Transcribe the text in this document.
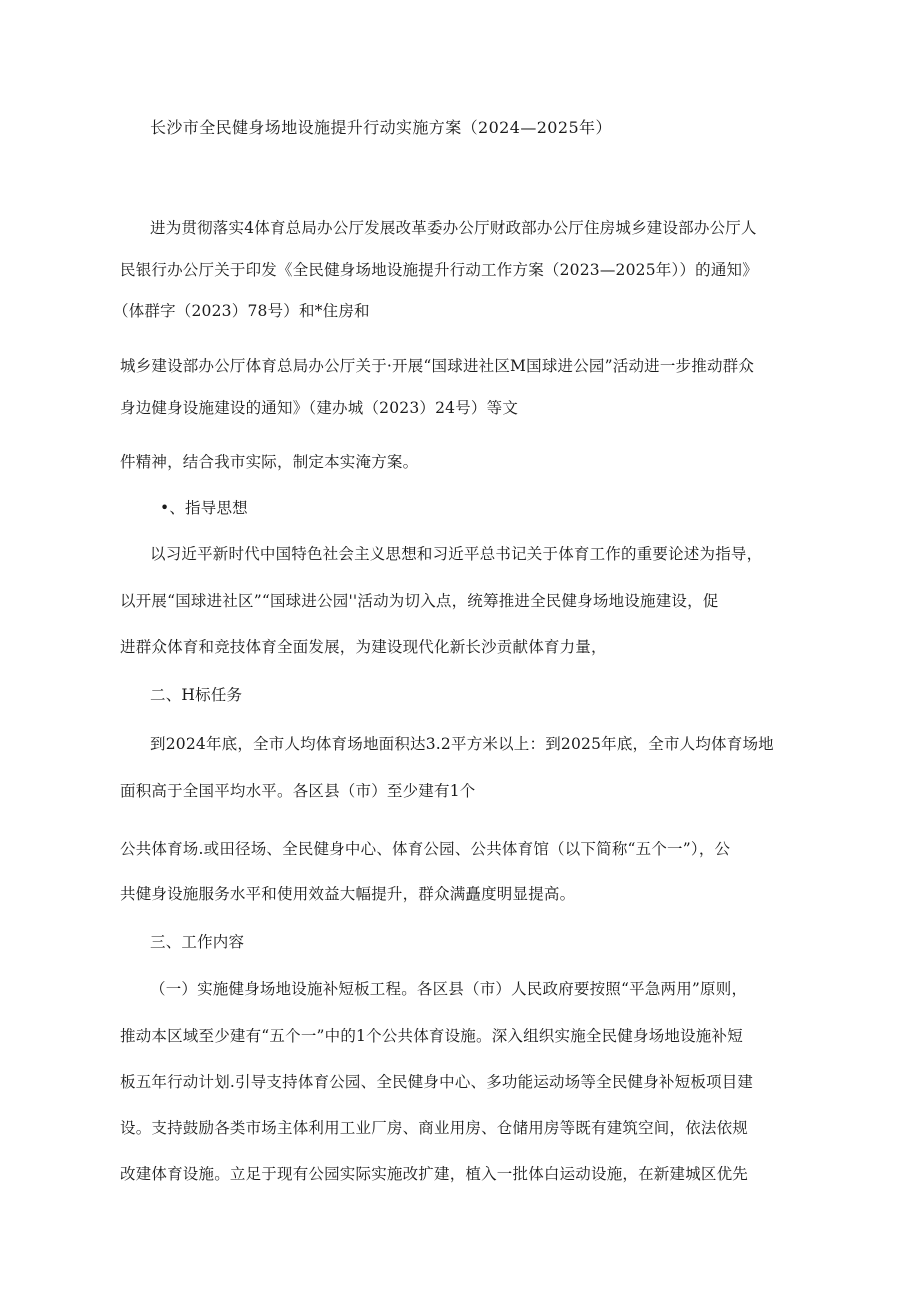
长沙市全民健身场地设施提升行动实施方案（2024—2025年）
进为贯彻落实4体育总局办公厅发展改革委办公厅财政部办公厅住房城乡建设部办公厅人
民银行办公厅关于印发《全民健身场地设施提升行动工作方案（2023—2025年））的通知》
（体群字（2023）78号）和*住房和
城乡建设部办公厅体育总局办公厅关于·开展“国球进社区M国球进公园”活动进一步推动群众
身边健身设施建设的通知》（建办城（2023）24号）等文
件精神，结合我市实际，制定本实淹方案。
•、指导思想
以习近平新时代中国特色社会主义思想和习近平总书记关于体育工作的重要论述为指导，
以开展“国球进社区”“国球进公园''活动为切入点，统筹推进全民健身场地设施建设，促
进群众体育和竞技体育全面发展，为建设现代化新长沙贡献体育力量，
二、H标任务
到2024年底，全市人均体育场地面积达3.2平方米以上：到2025年底，全市人均体育场地
面积高于全国平均水平。各区县（市）至少建有1个
公共体育场.或田径场、全民健身中心、体育公园、公共体育馆（以下简称“五个一”），公
共健身设施服务水平和使用效益大幅提升，群众满矗度明显提高。
三、工作内容
（一）实施健身场地设施补短板工程。各区县（市）人民政府要按照“平急两用”原则，
推动本区域至少建有“五个一”中的1个公共体育设施。深入组织实施全民健身场地设施补短
板五年行动计划.引导支持体育公园、全民健身中心、多功能运动场等全民健身补短板项目建
设。支持鼓励各类市场主体利用工业厂房、商业用房、仓储用房等既有建筑空间，依法依规
改建体育设施。立足于现有公园实际实施改扩建，植入一批体白运动设施，在新建城区优先
